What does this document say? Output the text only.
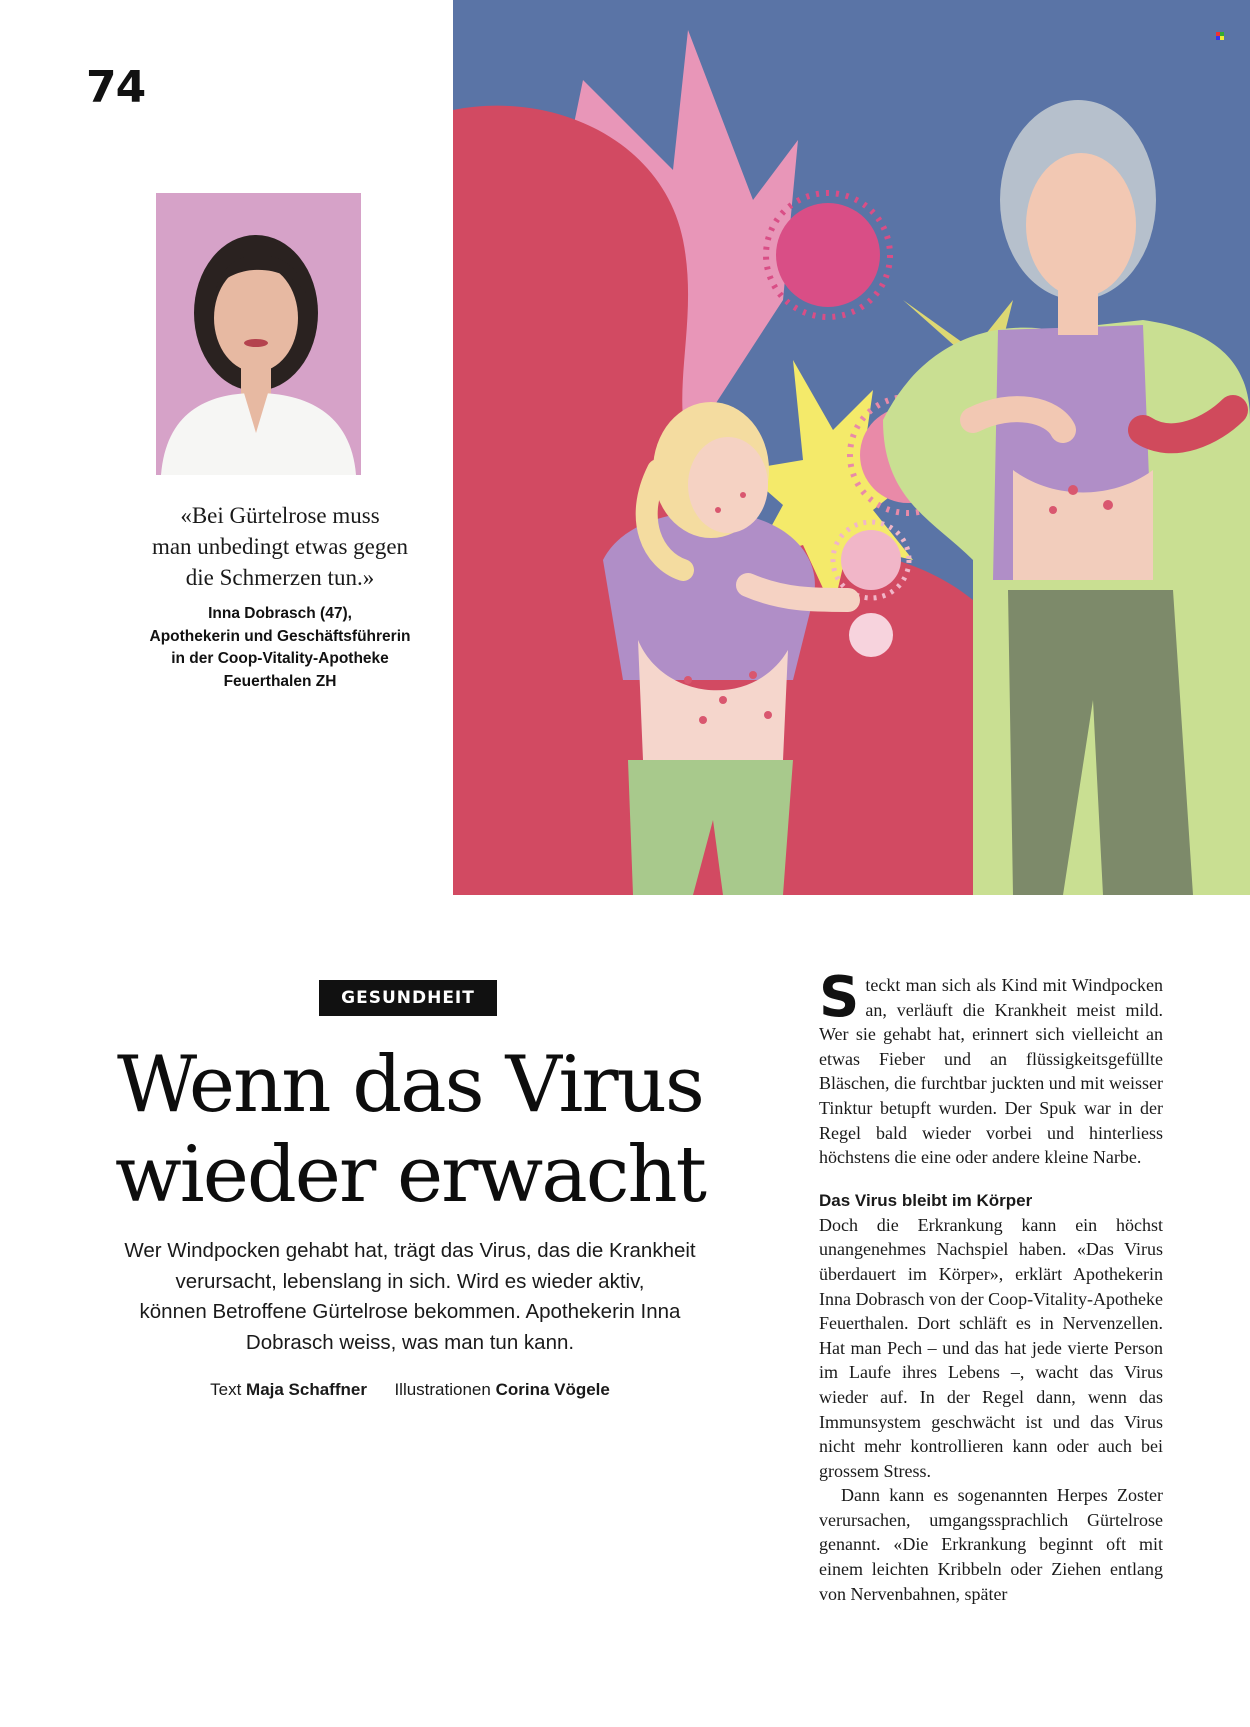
74
«Bei Gürtelrose muss
man unbedingt etwas gegen
die Schmerzen tun.»
Inna Dobrasch (47),
Apothekerin und Geschäftsführerin
in der Coop-Vitality-Apotheke
Feuerthalen ZH
GESUNDHEIT
Wenn das Virus
wieder erwacht
Wer Windpocken gehabt hat, trägt das Virus, das die Krankheit
verursacht, lebenslang in sich. Wird es wieder aktiv,
können Betroffene Gürtelrose bekommen. Apothekerin Inna
Dobrasch weiss, was man tun kann.
Text Maja Schaffner Illustrationen Corina Vögele

Steckt man sich als Kind mit Windpocken an, verläuft die Krankheit meist mild. Wer sie gehabt hat, erinnert sich vielleicht an etwas Fieber und an flüssigkeitsgefüllte Bläschen, die furchtbar juckten und mit weisser Tinktur betupft wurden. Der Spuk war in der Regel bald wieder vorbei und hinterliess höchstens die eine oder andere kleine Narbe.

Das Virus bleibt im Körper

Doch die Erkrankung kann ein höchst unangenehmes Nachspiel haben. «Das Virus überdauert im Körper», erklärt Apothekerin Inna Dobrasch von der Coop-Vitality-Apotheke Feuerthalen. Dort schläft es in Nervenzellen. Hat man Pech – und das hat jede vierte Person im Laufe ihres Lebens –, wacht das Virus wieder auf. In der Regel dann, wenn das Immunsystem geschwächt ist und das Virus nicht mehr kontrollieren kann oder auch bei grossem Stress.

Dann kann es sogenannten Herpes Zoster verursachen, umgangssprachlich Gürtelrose genannt. «Die Erkrankung beginnt oft mit einem leichten Kribbeln oder Ziehen entlang von Nervenbahnen, später
